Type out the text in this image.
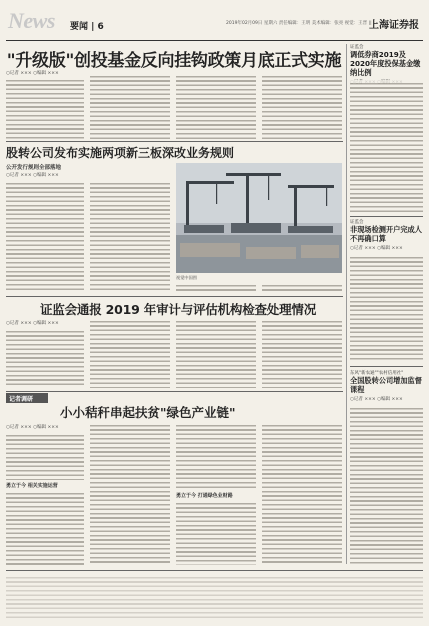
News 要闻 | 6	2019年02月09日 星期六 责任编辑：王明 美术编辑：张亮 视觉：王晋 ||
上海证券报
"升级版"创投基金反向挂钩政策月底正式实施
○记者 ××× ○编辑 ×××
证监会
调低券商2019及2020年度投保基金缴纳比例
证监会
非现场检测开户完成人不再确口算
○记者 ××× ○编辑 ×××
股转公司发布实施两项新三板深改业务规则
公开发行规则全部落地
○记者 ××× ○编辑 ×××
视觉中国图
证监会通报 2019 年审计与评估机构检查处理情况
○记者 ××× ○编辑 ×××
东风"新农通""农村信用社"
全国股转公司增加监督课程
○记者 ××× ○编辑 ×××
记者调研
小小秸秆串起扶贫"绿色产业链"
○记者 ××× ○编辑 ×××
勇立于今 相关实施运营
勇立于今 打通绿色业财路
